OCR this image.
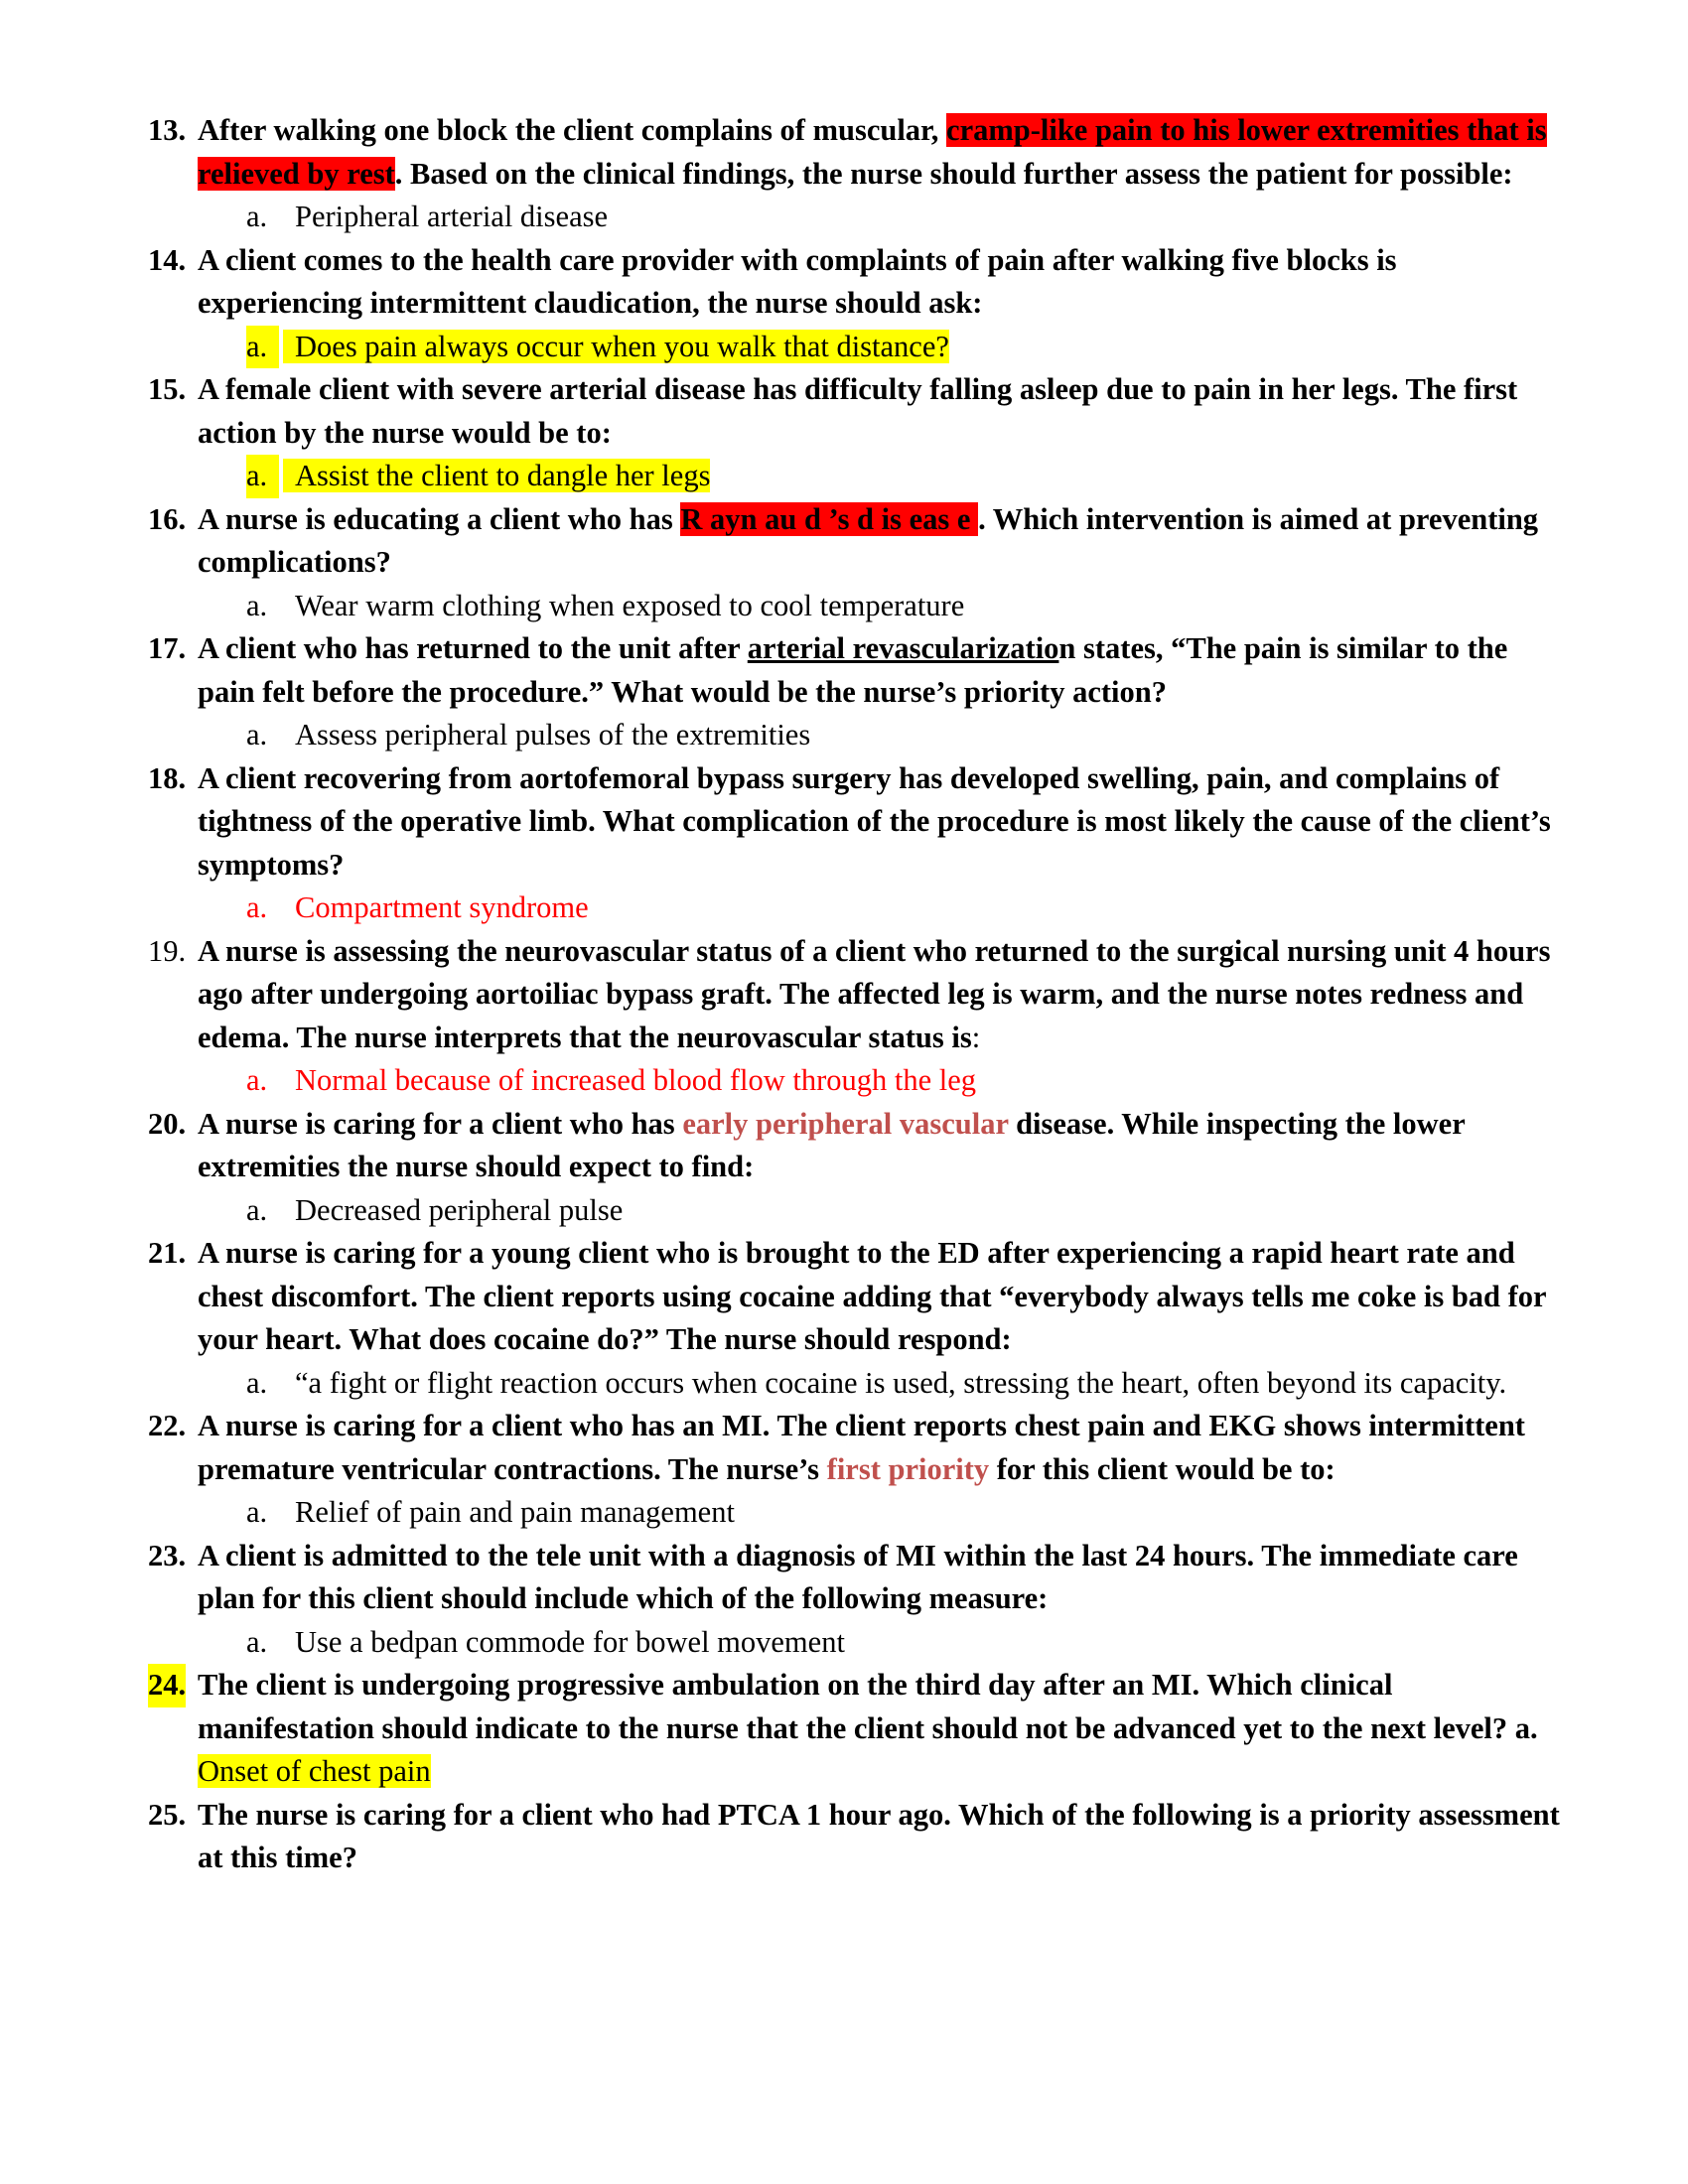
13. After walking one block the client complains of muscular, cramp-like pain to his lower extremities that is relieved by rest. Based on the clinical findings, the nurse should further assess the patient for possible:
a. Peripheral arterial disease
14. A client comes to the health care provider with complaints of pain after walking five blocks is experiencing intermittent claudication, the nurse should ask:
a. Does pain always occur when you walk that distance?
15. A female client with severe arterial disease has difficulty falling asleep due to pain in her legs. The first action by the nurse would be to:
a. Assist the client to dangle her legs
16. A nurse is educating a client who has R ayn au d ’s d is eas e . Which intervention is aimed at preventing complications?
a. Wear warm clothing when exposed to cool temperature
17. A client who has returned to the unit after arterial revascularization states, “The pain is similar to the pain felt before the procedure.” What would be the nurse’s priority action?
a. Assess peripheral pulses of the extremities
18. A client recovering from aortofemoral bypass surgery has developed swelling, pain, and complains of tightness of the operative limb. What complication of the procedure is most likely the cause of the client’s symptoms?
a. Compartment syndrome
19. A nurse is assessing the neurovascular status of a client who returned to the surgical nursing unit 4 hours ago after undergoing aortoiliac bypass graft. The affected leg is warm, and the nurse notes redness and edema. The nurse interprets that the neurovascular status is:
a. Normal because of increased blood flow through the leg
20. A nurse is caring for a client who has early peripheral vascular disease. While inspecting the lower extremities the nurse should expect to find:
a. Decreased peripheral pulse
21. A nurse is caring for a young client who is brought to the ED after experiencing a rapid heart rate and chest discomfort. The client reports using cocaine adding that “everybody always tells me coke is bad for your heart. What does cocaine do?” The nurse should respond:
a. “a fight or flight reaction occurs when cocaine is used, stressing the heart, often beyond its capacity.
22. A nurse is caring for a client who has an MI. The client reports chest pain and EKG shows intermittent premature ventricular contractions. The nurse’s first priority for this client would be to:
a. Relief of pain and pain management
23. A client is admitted to the tele unit with a diagnosis of MI within the last 24 hours. The immediate care plan for this client should include which of the following measure:
a. Use a bedpan commode for bowel movement
24. The client is undergoing progressive ambulation on the third day after an MI. Which clinical manifestation should indicate to the nurse that the client should not be advanced yet to the next level? a. Onset of chest pain
25. The nurse is caring for a client who had PTCA 1 hour ago. Which of the following is a priority assessment at this time?
